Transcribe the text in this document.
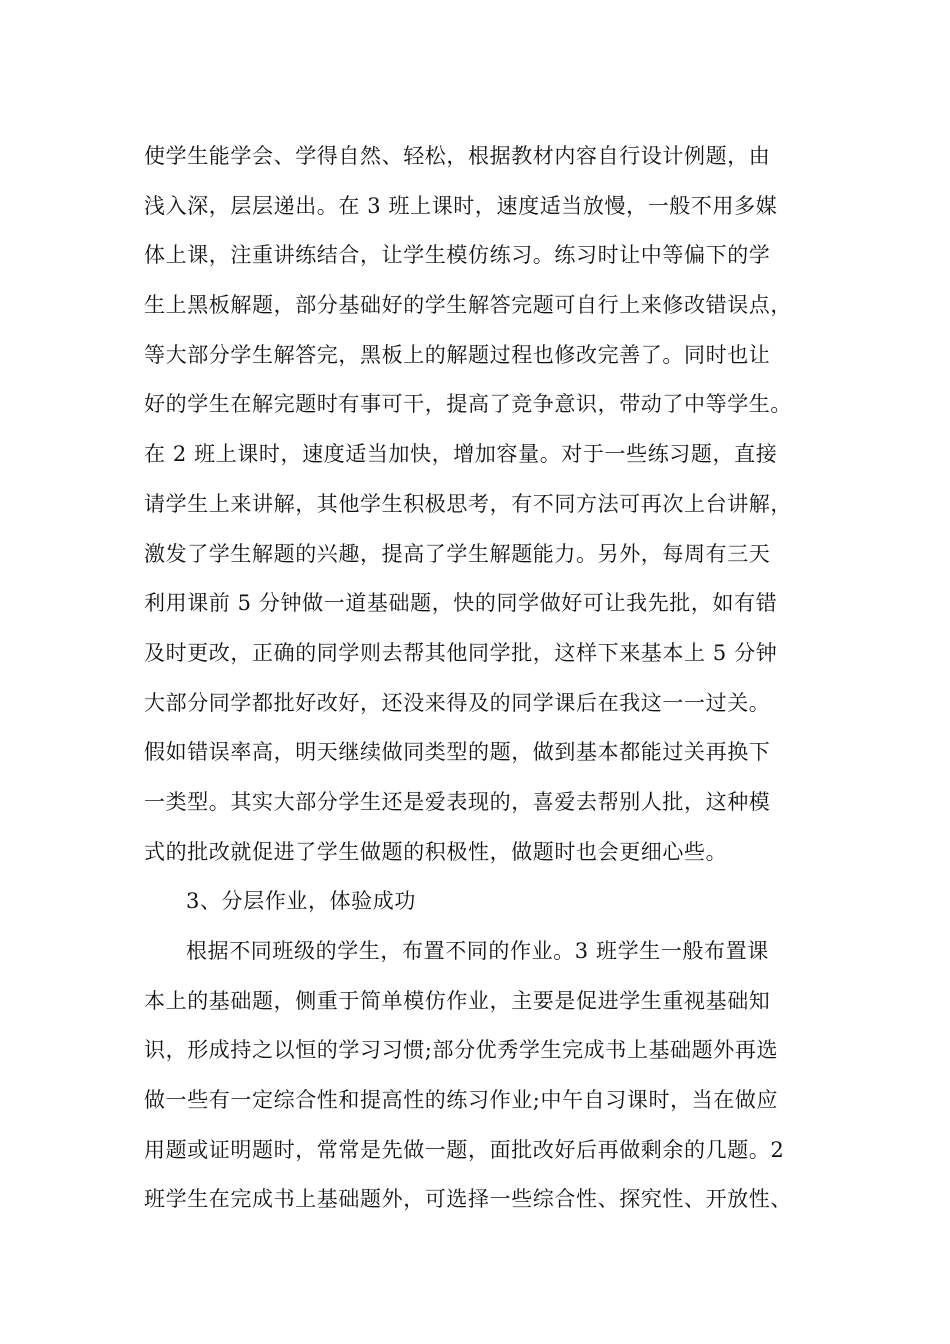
使学生能学会、学得自然、轻松，根据教材内容自行设计例题，由
浅入深，层层递出。在 3 班上课时，速度适当放慢，一般不用多媒
体上课，注重讲练结合，让学生模仿练习。练习时让中等偏下的学
生上黑板解题，部分基础好的学生解答完题可自行上来修改错误点，
等大部分学生解答完，黑板上的解题过程也修改完善了。同时也让
好的学生在解完题时有事可干，提高了竞争意识，带动了中等学生。
在 2 班上课时，速度适当加快，增加容量。对于一些练习题，直接
请学生上来讲解，其他学生积极思考，有不同方法可再次上台讲解，
激发了学生解题的兴趣，提高了学生解题能力。另外，每周有三天
利用课前 5 分钟做一道基础题，快的同学做好可让我先批，如有错
及时更改，正确的同学则去帮其他同学批，这样下来基本上 5 分钟
大部分同学都批好改好，还没来得及的同学课后在我这一一过关。
假如错误率高，明天继续做同类型的题，做到基本都能过关再换下
一类型。其实大部分学生还是爱表现的，喜爱去帮别人批，这种模
式的批改就促进了学生做题的积极性，做题时也会更细心些。
3、分层作业，体验成功
根据不同班级的学生，布置不同的作业。3 班学生一般布置课
本上的基础题，侧重于简单模仿作业，主要是促进学生重视基础知
识，形成持之以恒的学习习惯;部分优秀学生完成书上基础题外再选
做一些有一定综合性和提高性的练习作业;中午自习课时，当在做应
用题或证明题时，常常是先做一题，面批改好后再做剩余的几题。2
班学生在完成书上基础题外，可选择一些综合性、探究性、开放性、
